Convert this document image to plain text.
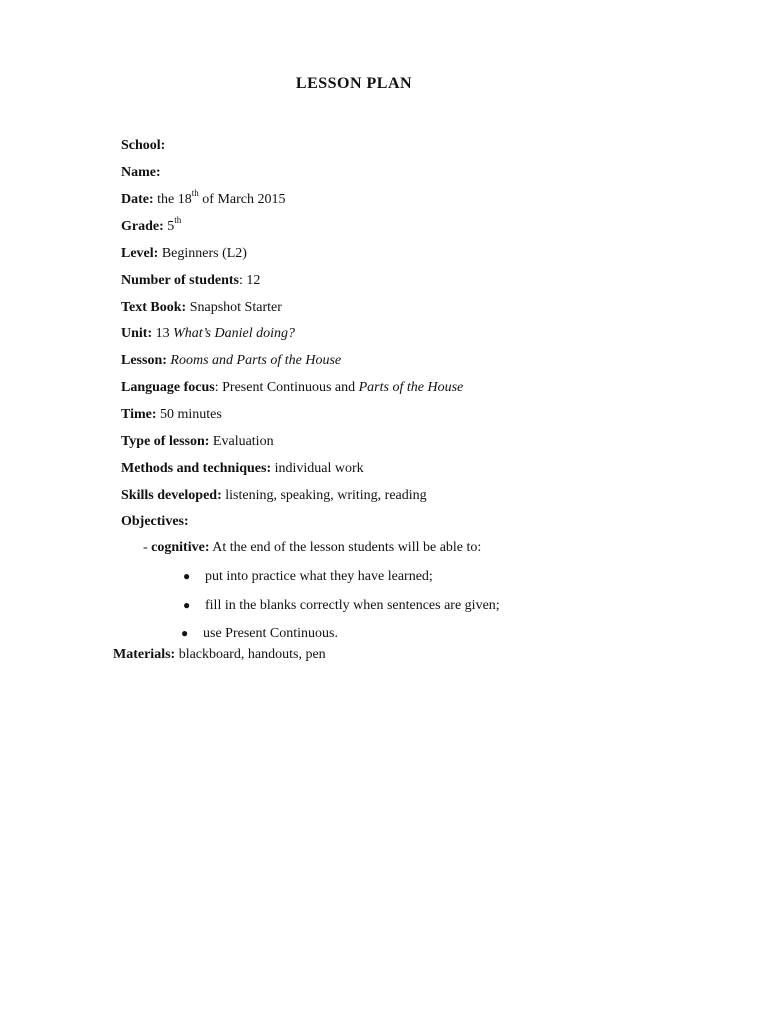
LESSON PLAN
School:
Name:
Date: the 18th of March 2015
Grade: 5th
Level: Beginners (L2)
Number of students: 12
Text Book: Snapshot Starter
Unit: 13 What’s Daniel doing?
Lesson: Rooms and Parts of the House
Language focus: Present Continuous and Parts of the House
Time: 50 minutes
Type of lesson: Evaluation
Methods and techniques: individual work
Skills developed: listening, speaking, writing, reading
Objectives:
- cognitive: At the end of the lesson students will be able to:
● put into practice what they have learned;
● fill in the blanks correctly when sentences are given;
● use Present Continuous.
Materials: blackboard, handouts, pen
